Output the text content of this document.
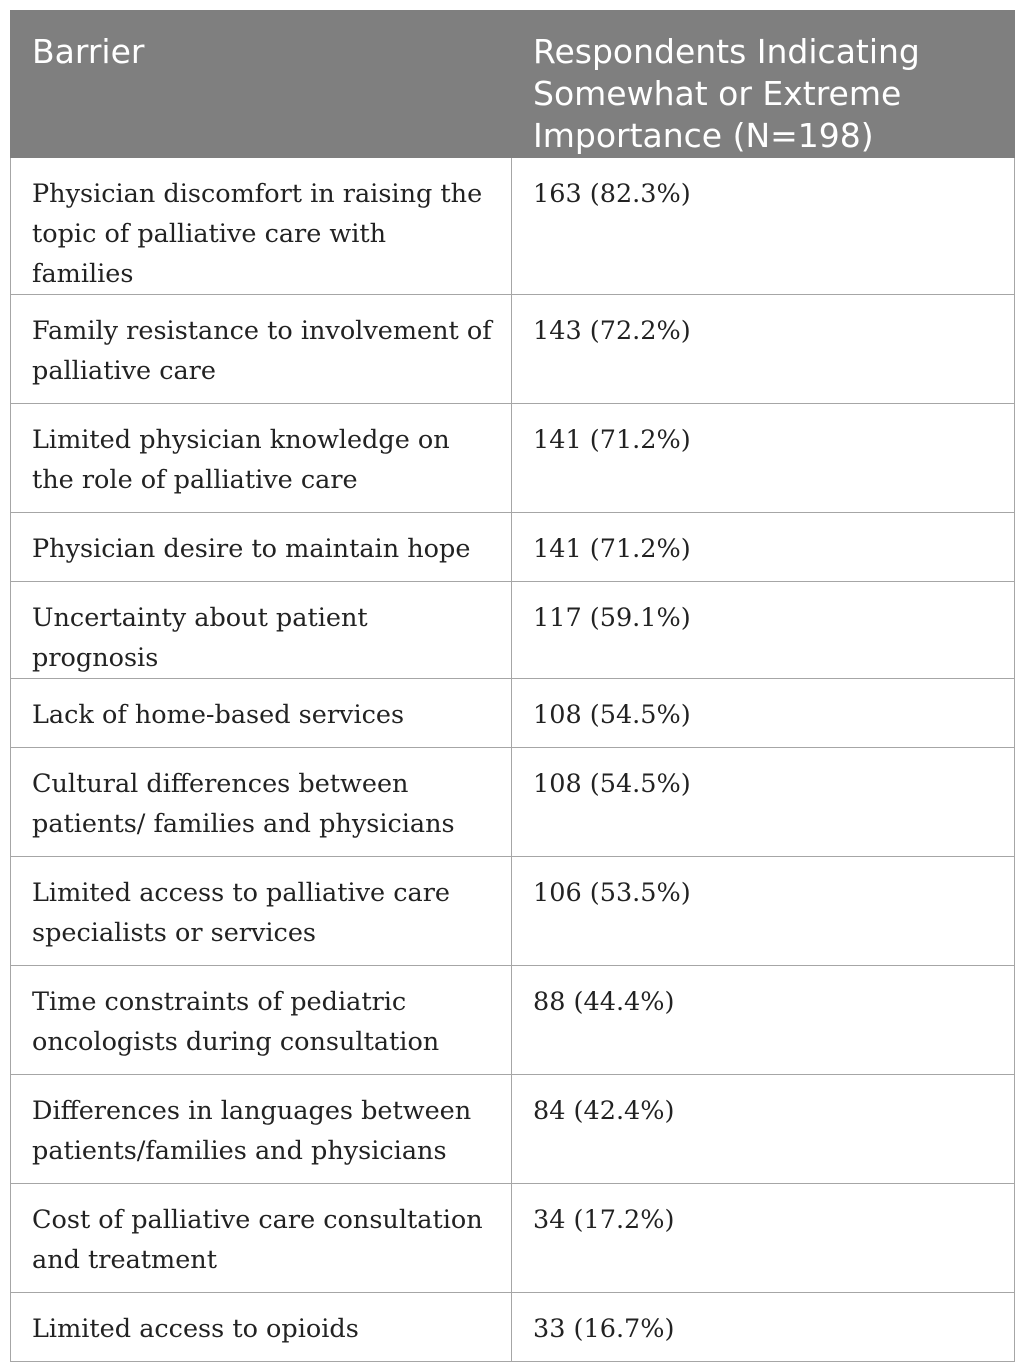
Barrier	Respondents Indicating Somewhat or Extreme Importance (N=198)
Physician discomfort in raising the topic of palliative care with families	163 (82.3%)
Family resistance to involvement of palliative care	143 (72.2%)
Limited physician knowledge on the role of palliative care	141 (71.2%)
Physician desire to maintain hope	141 (71.2%)
Uncertainty about patient prognosis	117 (59.1%)
Lack of home-based services	108 (54.5%)
Cultural differences between patients/ families and physicians	108 (54.5%)
Limited access to palliative care specialists or services	106 (53.5%)
Time constraints of pediatric oncologists during consultation	88 (44.4%)
Differences in languages between patients/families and physicians	84 (42.4%)
Cost of palliative care consultation and treatment	34 (17.2%)
Limited access to opioids	33 (16.7%)
